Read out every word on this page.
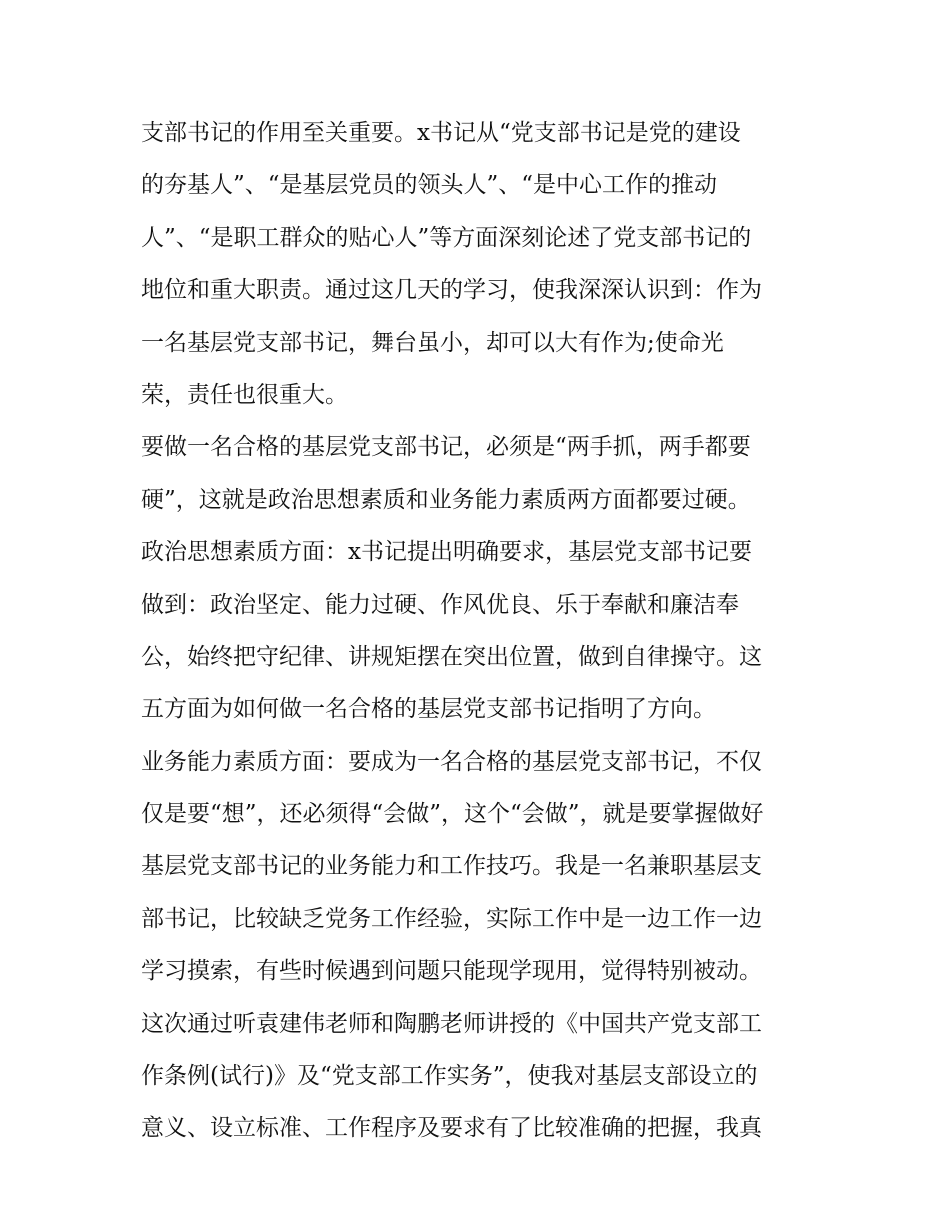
支部书记的作用至关重要。x书记从“党支部书记是党的建设
的夯基人”、“是基层党员的领头人”、“是中心工作的推动
人”、“是职工群众的贴心人”等方面深刻论述了党支部书记的
地位和重大职责。通过这几天的学习，使我深深认识到：作为
一名基层党支部书记，舞台虽小，却可以大有作为;使命光
荣，责任也很重大。
要做一名合格的基层党支部书记，必须是“两手抓，两手都要
硬”，这就是政治思想素质和业务能力素质两方面都要过硬。
政治思想素质方面：x书记提出明确要求，基层党支部书记要
做到：政治坚定、能力过硬、作风优良、乐于奉献和廉洁奉
公，始终把守纪律、讲规矩摆在突出位置，做到自律操守。这
五方面为如何做一名合格的基层党支部书记指明了方向。
业务能力素质方面：要成为一名合格的基层党支部书记，不仅
仅是要“想”，还必须得“会做”，这个“会做”，就是要掌握做好
基层党支部书记的业务能力和工作技巧。我是一名兼职基层支
部书记，比较缺乏党务工作经验，实际工作中是一边工作一边
学习摸索，有些时候遇到问题只能现学现用，觉得特别被动。
这次通过听袁建伟老师和陶鹏老师讲授的《中国共产党支部工
作条例(试行)》及“党支部工作实务”，使我对基层支部设立的
意义、设立标准、工作程序及要求有了比较准确的把握，我真
